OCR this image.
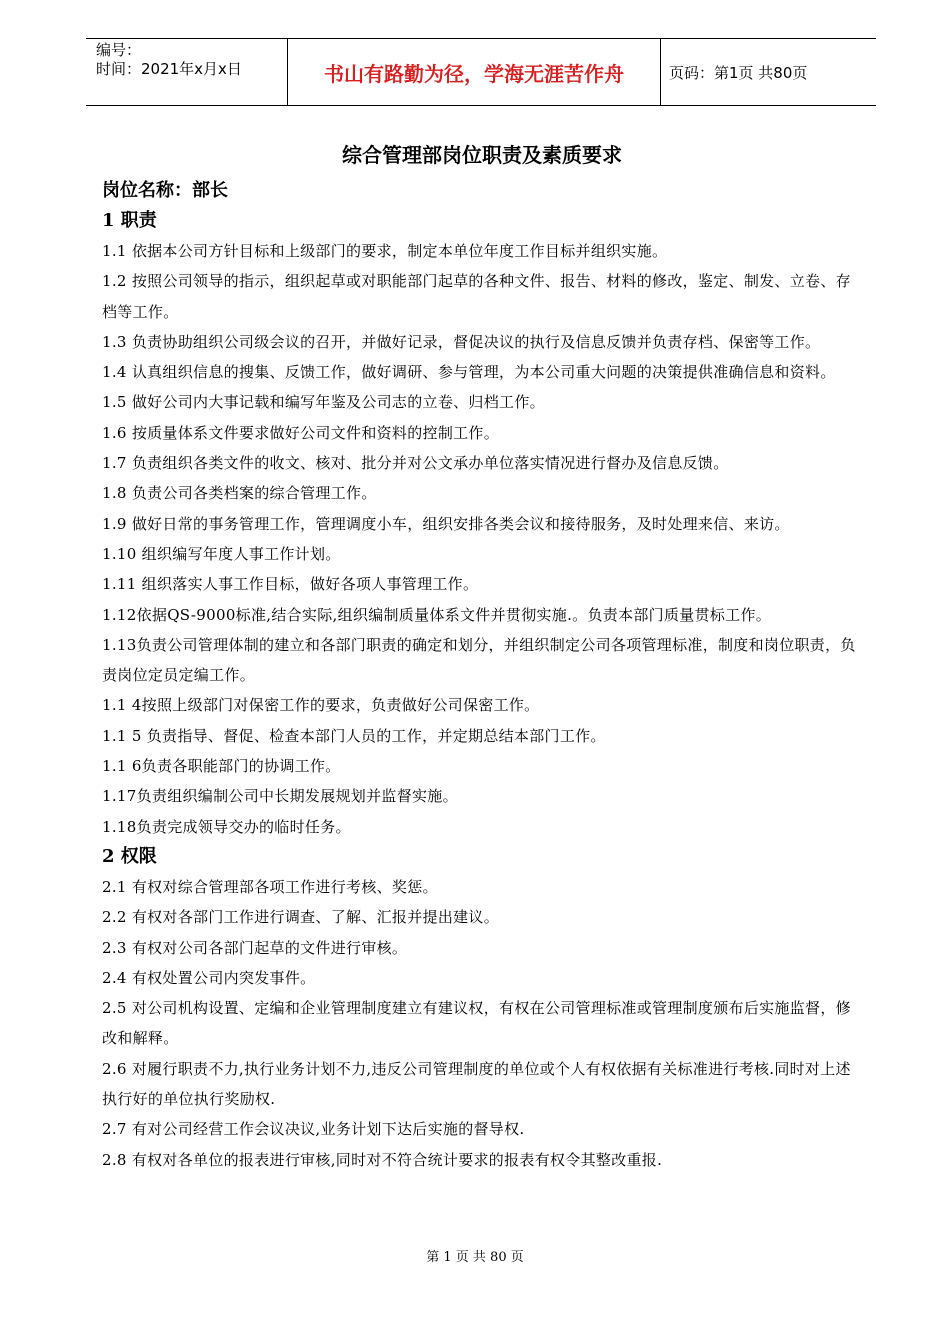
编号：
时间：2021年x月x日	书山有路勤为径，学海无涯苦作舟	页码：第1页 共80页
综合管理部岗位职责及素质要求
岗位名称：部长
1 职责
1.1 依据本公司方针目标和上级部门的要求，制定本单位年度工作目标并组织实施。
1.2 按照公司领导的指示，组织起草或对职能部门起草的各种文件、报告、材料的修改，鉴定、制发、立卷、存档等工作。
1.3 负责协助组织公司级会议的召开，并做好记录，督促决议的执行及信息反馈并负责存档、保密等工作。
1.4 认真组织信息的搜集、反馈工作，做好调研、参与管理，为本公司重大问题的决策提供准确信息和资料。
1.5 做好公司内大事记载和编写年鉴及公司志的立卷、归档工作。
1.6 按质量体系文件要求做好公司文件和资料的控制工作。
1.7 负责组织各类文件的收文、核对、批分并对公文承办单位落实情况进行督办及信息反馈。
1.8 负责公司各类档案的综合管理工作。
1.9 做好日常的事务管理工作，管理调度小车，组织安排各类会议和接待服务，及时处理来信、来访。
1.10 组织编写年度人事工作计划。
1.11 组织落实人事工作目标，做好各项人事管理工作。
1.12依据QS-9000标准,结合实际,组织编制质量体系文件并贯彻实施.。负责本部门质量贯标工作。
1.13负责公司管理体制的建立和各部门职责的确定和划分，并组织制定公司各项管理标准，制度和岗位职责，负责岗位定员定编工作。
1.1 4按照上级部门对保密工作的要求，负责做好公司保密工作。
1.1 5 负责指导、督促、检查本部门人员的工作，并定期总结本部门工作。
1.1 6负责各职能部门的协调工作。
1.17负责组织编制公司中长期发展规划并监督实施。
1.18负责完成领导交办的临时任务。
2 权限
2.1 有权对综合管理部各项工作进行考核、奖惩。
2.2 有权对各部门工作进行调查、了解、汇报并提出建议。
2.3 有权对公司各部门起草的文件进行审核。
2.4 有权处置公司内突发事件。
2.5 对公司机构设置、定编和企业管理制度建立有建议权，有权在公司管理标准或管理制度颁布后实施监督，修改和解释。
2.6 对履行职责不力,执行业务计划不力,违反公司管理制度的单位或个人有权依据有关标准进行考核.同时对上述执行好的单位执行奖励权.
2.7 有对公司经营工作会议决议,业务计划下达后实施的督导权.
2.8 有权对各单位的报表进行审核,同时对不符合统计要求的报表有权令其整改重报.
第 1 页 共 80 页
